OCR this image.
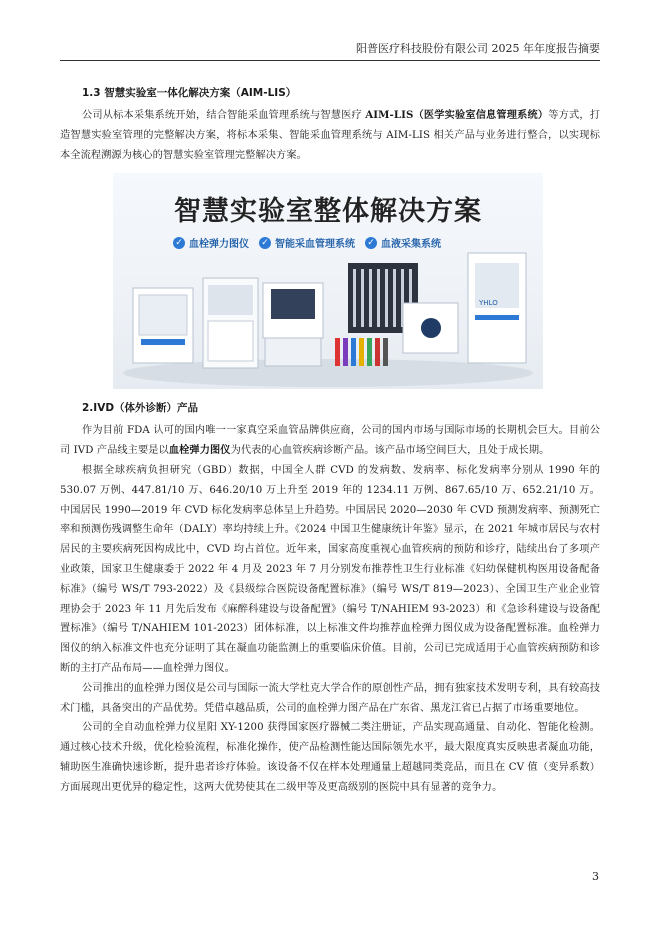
阳普医疗科技股份有限公司 2025 年年度报告摘要
1.3 智慧实验室一体化解决方案（AIM-LIS）

公司从标本采集系统开始，结合智能采血管理系统与智慧医疗 AIM-LIS（医学实验室信息管理系统）等方式，打造智慧实验室管理的完整解决方案，将标本采集、智能采血管理系统与 AIM-LIS 相关产品与业务进行整合，以实现标本全流程溯源为核心的智慧实验室管理完整解决方案。

智慧实验室整体解决方案
✓ 血栓弹力图仪 ✓ 智能采血管理系统 ✓ 血液采集系统
YHLO
2.IVD（体外诊断）产品

作为目前 FDA 认可的国内唯一一家真空采血管品牌供应商，公司的国内市场与国际市场的长期机会巨大。目前公司 IVD 产品线主要是以血栓弹力图仪为代表的心血管疾病诊断产品。该产品市场空间巨大，且处于成长期。

根据全球疾病负担研究（GBD）数据，中国全人群 CVD 的发病数、发病率、标化发病率分别从 1990 年的 530.07 万例、447.81/10 万、646.20/10 万上升至 2019 年的 1234.11 万例、867.65/10 万、652.21/10 万。中国居民 1990—2019 年 CVD 标化发病率总体呈上升趋势。中国居民 2020—2030 年 CVD 预测发病率、预测死亡率和预测伤残调整生命年（DALY）率均持续上升。《2024 中国卫生健康统计年鉴》显示，在 2021 年城市居民与农村居民的主要疾病死因构成比中，CVD 均占首位。近年来，国家高度重视心血管疾病的预防和诊疗，陆续出台了多项产业政策，国家卫生健康委于 2022 年 4 月及 2023 年 7 月分别发布推荐性卫生行业标准《妇幼保健机构医用设备配备标准》（编号 WS/T 793-2022）及《县级综合医院设备配置标准》（编号 WS/T 819—2023）、全国卫生产业企业管理协会于 2023 年 11 月先后发布《麻醉科建设与设备配置》（编号 T/NAHIEM 93-2023）和《急诊科建设与设备配置标准》（编号 T/NAHIEM 101-2023）团体标准，以上标准文件均推荐血栓弹力图仪成为设备配置标准。血栓弹力图仪的纳入标准文件也充分证明了其在凝血功能监测上的重要临床价值。目前，公司已完成适用于心血管疾病预防和诊断的主打产品布局——血栓弹力图仪。

公司推出的血栓弹力图仪是公司与国际一流大学杜克大学合作的原创性产品，拥有独家技术发明专利，具有较高技术门槛，具备突出的产品优势。凭借卓越品质，公司的血栓弹力图产品在广东省、黑龙江省已占据了市场重要地位。

公司的全自动血栓弹力仪星阳 XY-1200 获得国家医疗器械二类注册证，产品实现高通量、自动化、智能化检测。通过核心技术升级，优化检验流程，标准化操作，使产品检测性能达国际领先水平，最大限度真实反映患者凝血功能，辅助医生准确快速诊断，提升患者诊疗体验。该设备不仅在样本处理通量上超越同类竞品，而且在 CV 值（变异系数）方面展现出更优异的稳定性，这两大优势使其在二级甲等及更高级别的医院中具有显著的竞争力。

3
